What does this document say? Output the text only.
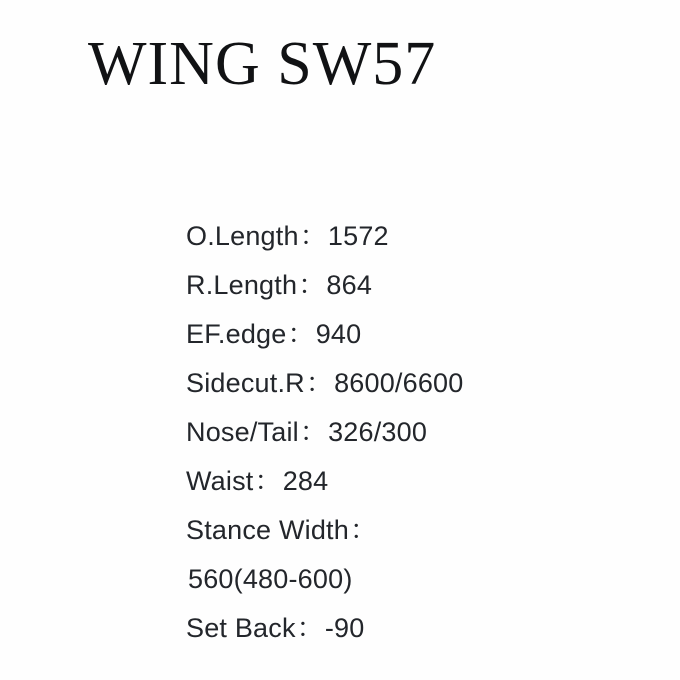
WING SW57
O.Length：1572
R.Length：864
EF.edge：940
Sidecut.R：8600/6600
Nose/Tail：326/300
Waist：284
Stance Width：
560(480-600)
Set Back：-90
